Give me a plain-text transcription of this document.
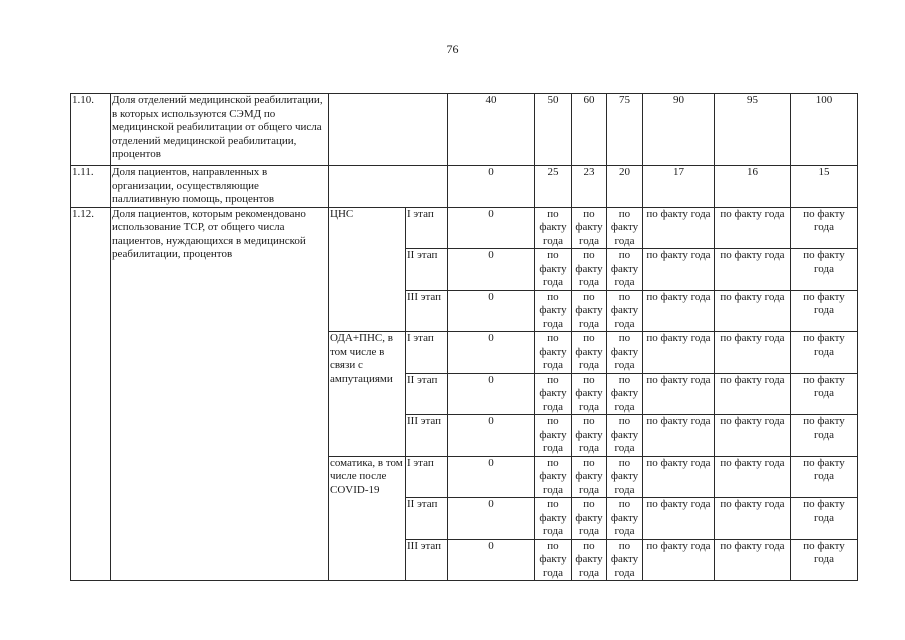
76
1.10.	Доля отделений медицинской реабилитации, в которых используются СЭМД по медицинской реабилитации от общего числа отделений медицинской реабилитации, процентов			40	50	60	75	90	95	100
1.11.	Доля пациентов, направленных в организации, осуществляющие паллиативную помощь, процентов			0	25	23	20	17	16	15
1.12.	Доля пациентов, которым рекомендовано использование ТСР, от общего числа пациентов, нуждающихся в медицинской реабилитации, процентов	ЦНС	I этап	0	по факту года	по факту года	по факту года	по факту года	по факту года	по факту года
			II этап	0	по факту года	по факту года	по факту года	по факту года	по факту года	по факту года
			III этап	0	по факту года	по факту года	по факту года	по факту года	по факту года	по факту года
		ОДА+ПНС, в том числе в связи с ампутациями	I этап	0	по факту года	по факту года	по факту года	по факту года	по факту года	по факту года
			II этап	0	по факту года	по факту года	по факту года	по факту года	по факту года	по факту года
			III этап	0	по факту года	по факту года	по факту года	по факту года	по факту года	по факту года
		соматика, в том числе после COVID-19	I этап	0	по факту года	по факту года	по факту года	по факту года	по факту года	по факту года
			II этап	0	по факту года	по факту года	по факту года	по факту года	по факту года	по факту года
			III этап	0	по факту года	по факту года	по факту года	по факту года	по факту года	по факту года
